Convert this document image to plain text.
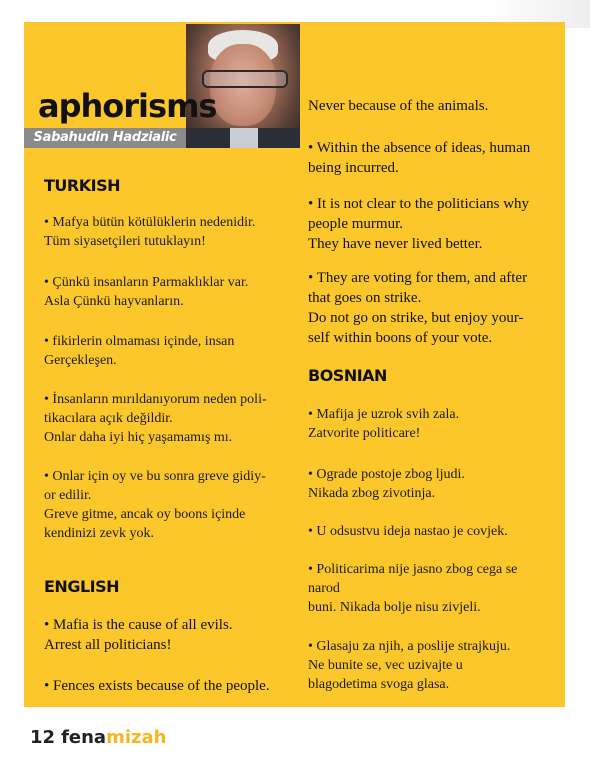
aphorisms
Sabahudin Hadzialic
TURKISH

• Mafya bütün kötülüklerin nedenidir.
Tüm siyasetçileri tutuklayın!

• Çünkü insanların Parmaklıklar var.
Asla Çünkü hayvanların.

• fikirlerin olmaması içinde, insan
Gerçekleşen.

• İnsanların mırıldanıyorum neden poli-
tikacılara açık değildir.
Onlar daha iyi hiç yaşamamış mı.

• Onlar için oy ve bu sonra greve gidiy-
or edilir.
Greve gitme, ancak oy boons içinde
kendinizi zevk yok.

ENGLISH

• Mafia is the cause of all evils.
Arrest all politicians!

• Fences exists because of the people.

Never because of the animals.

• Within the absence of ideas, human
being incurred.

• It is not clear to the politicians why
people murmur.
They have never lived better.

• They are voting for them, and after
that goes on strike.
Do not go on strike, but enjoy your-
self within boons of your vote.

BOSNIAN

• Mafija je uzrok svih zala.
Zatvorite politicare!

• Ograde postoje zbog ljudi.
Nikada zbog zivotinja.

• U odsustvu ideja nastao je covjek.

• Politicarima nije jasno zbog cega se
narod
buni. Nikada bolje nisu zivjeli.

• Glasaju za njih, a poslije strajkuju.
Ne bunite se, vec uzivajte u
blagodetima svoga glasa.

12 fenamizah
